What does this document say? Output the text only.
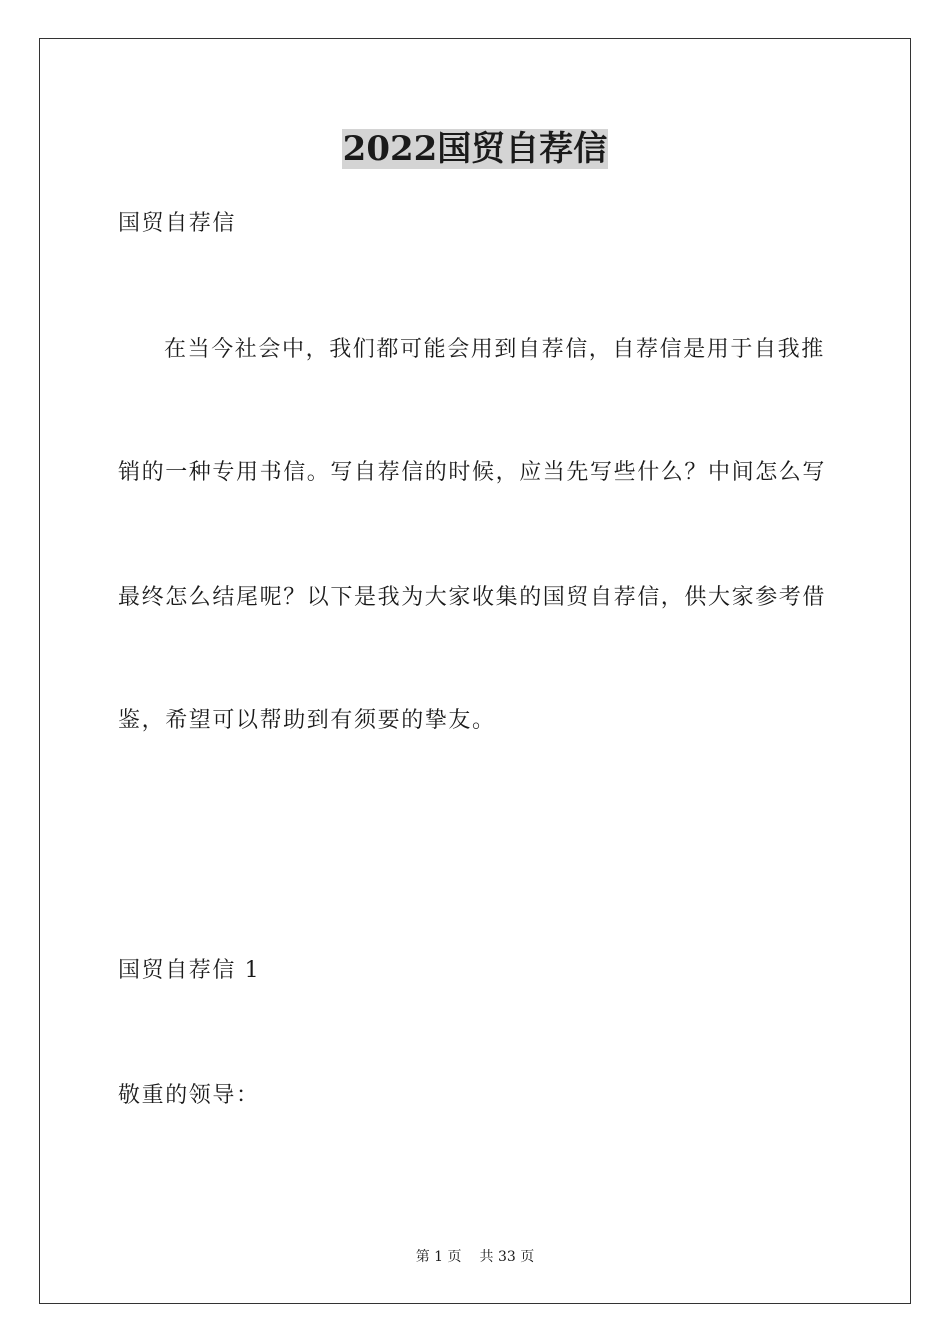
2022国贸自荐信
国贸自荐信
在当今社会中，我们都可能会用到自荐信，自荐信是用于自我推
销的一种专用书信。写自荐信的时候，应当先写些什么？中间怎么写
最终怎么结尾呢？以下是我为大家收集的国贸自荐信，供大家参考借
鉴，希望可以帮助到有须要的挚友。
国贸自荐信 1
敬重的领导：
第 1 页 共 33 页
